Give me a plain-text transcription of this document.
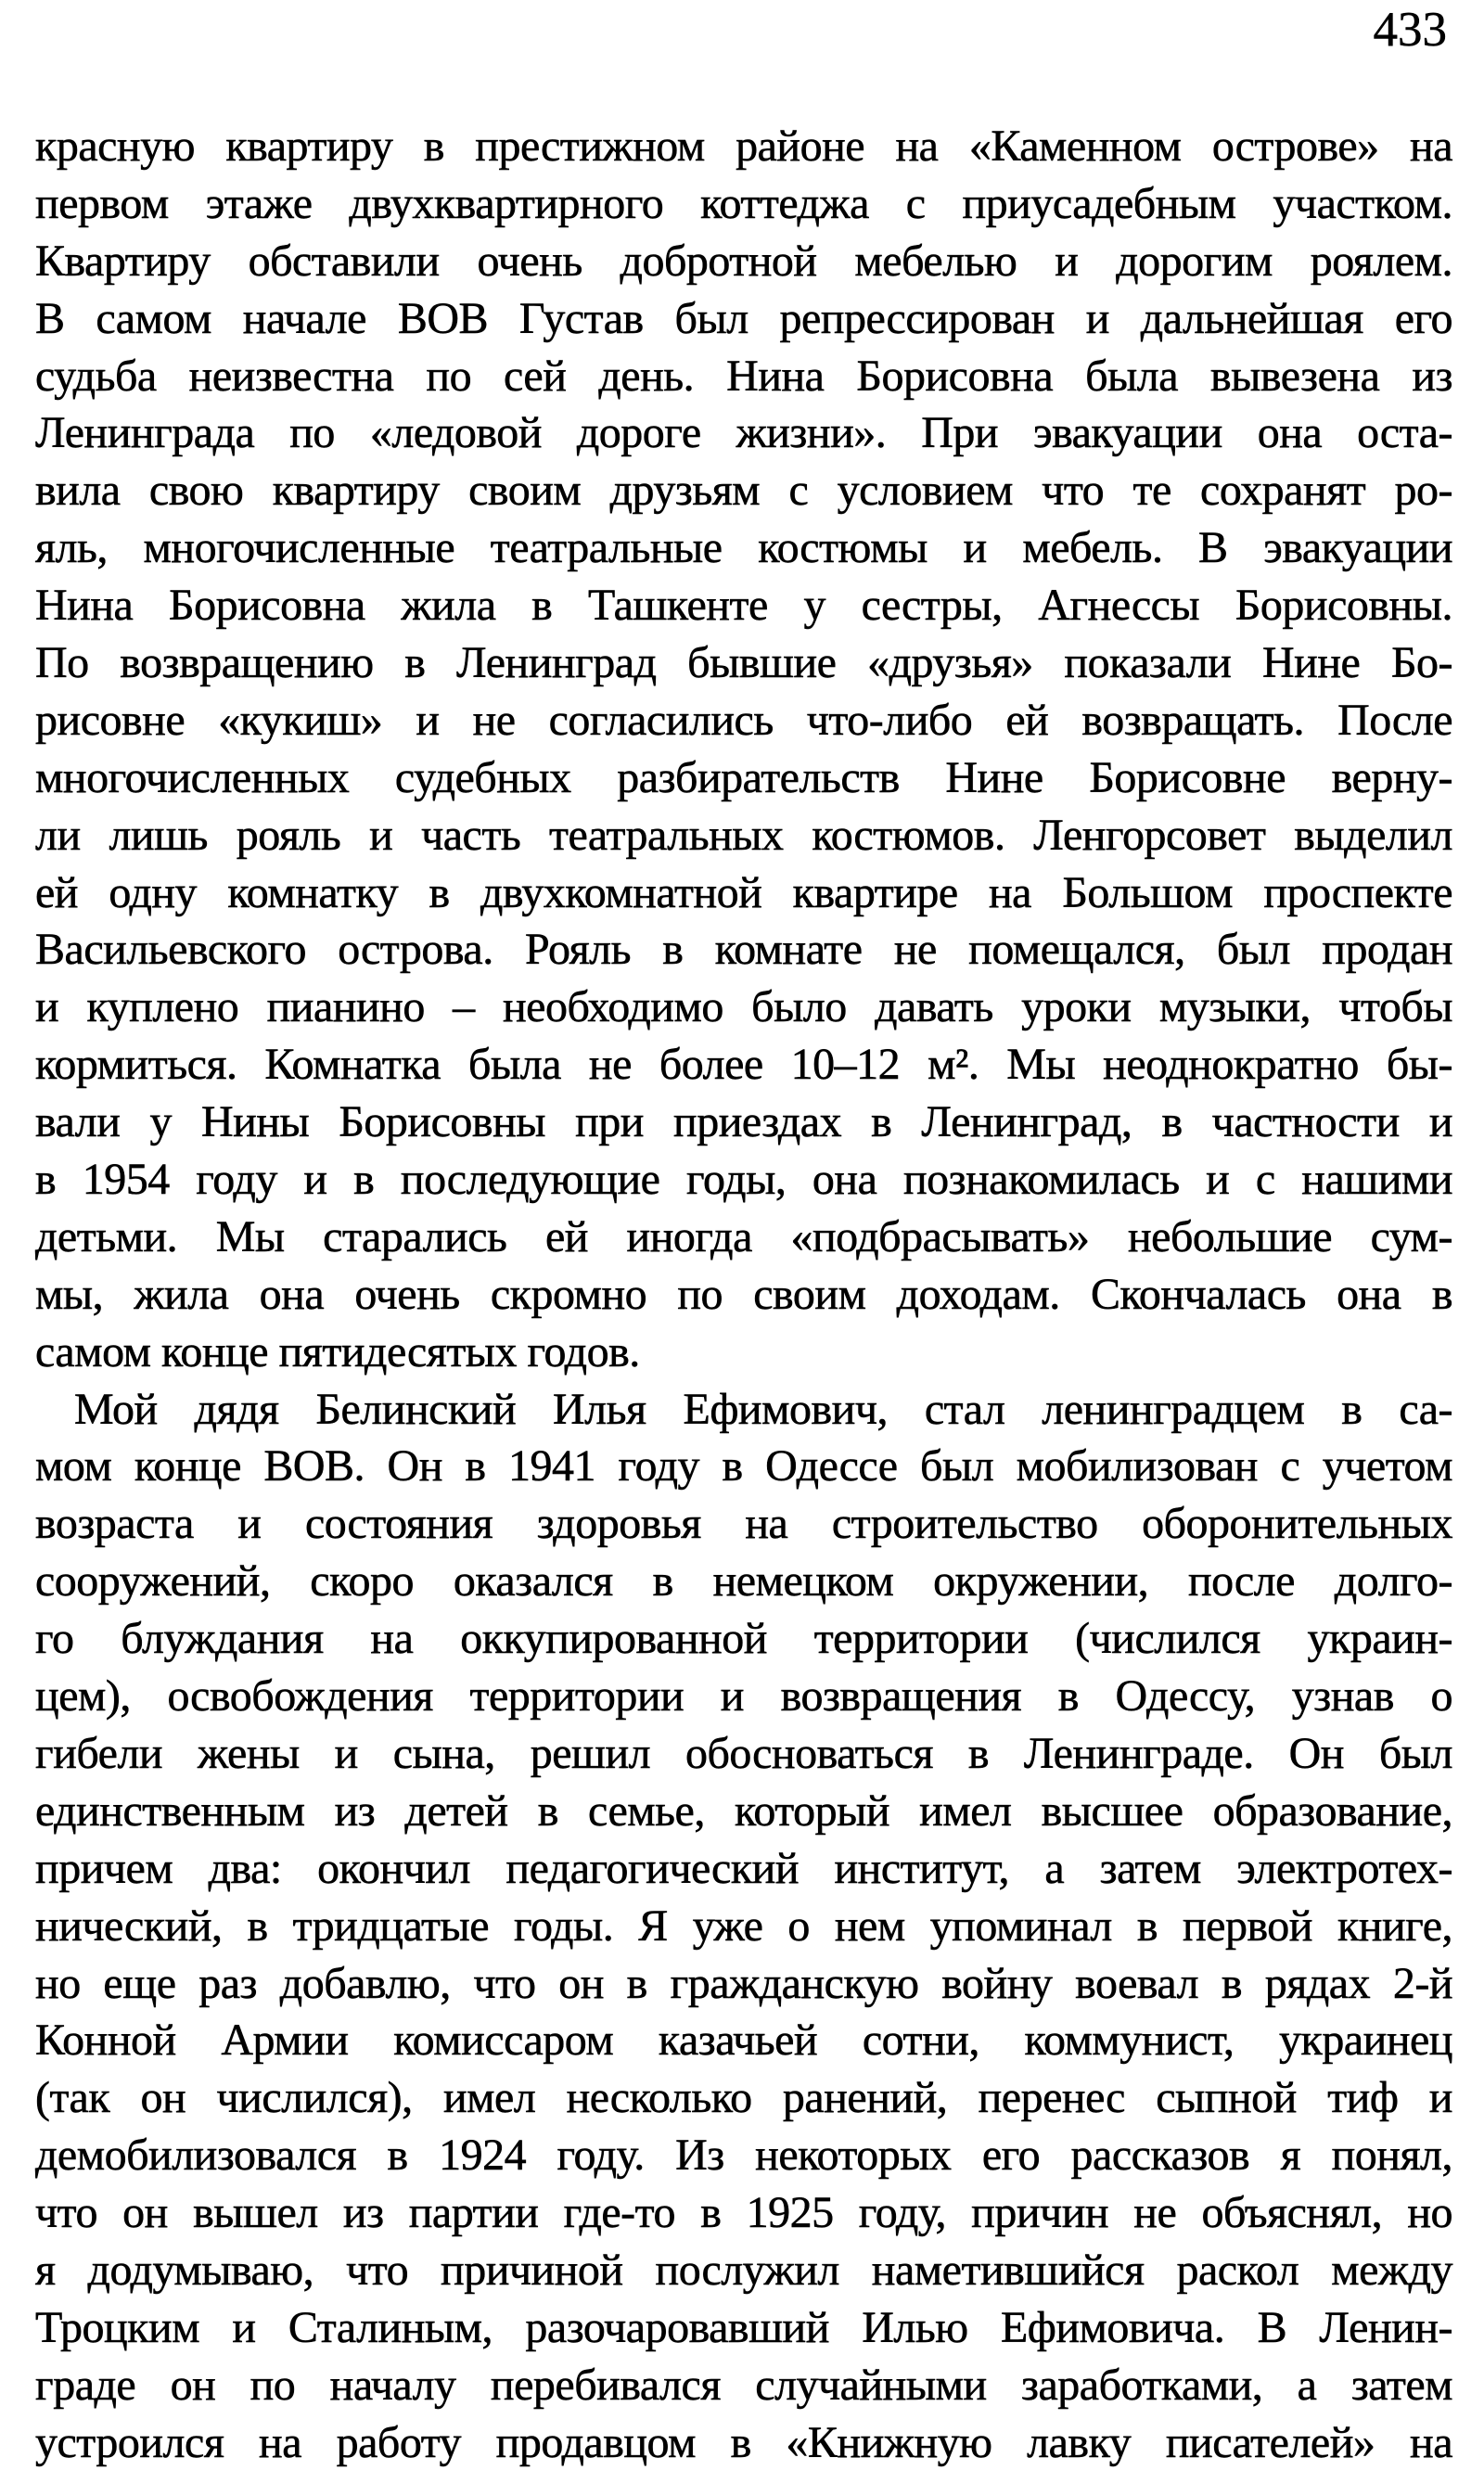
433
красную квартиру в престижном районе на «Каменном острове» на
первом этаже двухквартирного коттеджа с приусадебным участком.
Квартиру обставили очень добротной мебелью и дорогим роялем.
В самом начале ВОВ Густав был репрессирован и дальнейшая его
судьба неизвестна по сей день. Нина Борисовна была вывезена из
Ленинграда по «ледовой дороге жизни». При эвакуации она оста-
вила свою квартиру своим друзьям с условием что те сохранят ро-
яль, многочисленные театральные костюмы и мебель. В эвакуации
Нина Борисовна жила в Ташкенте у сестры, Агнессы Борисовны.
По возвращению в Ленинград бывшие «друзья» показали Нине Бо-
рисовне «кукиш» и не согласились что-либо ей возвращать. После
многочисленных судебных разбирательств Нине Борисовне верну-
ли лишь рояль и часть театральных костюмов. Ленгорсовет выделил
ей одну комнатку в двухкомнатной квартире на Большом проспекте
Васильевского острова. Рояль в комнате не помещался, был продан
и куплено пианино – необходимо было давать уроки музыки, чтобы
кормиться. Комнатка была не более 10–12 м². Мы неоднократно бы-
вали у Нины Борисовны при приездах в Ленинград, в частности и
в 1954 году и в последующие годы, она познакомилась и с нашими
детьми. Мы старались ей иногда «подбрасывать» небольшие сум-
мы, жила она очень скромно по своим доходам. Скончалась она в
самом конце пятидесятых годов.
Мой дядя Белинский Илья Ефимович, стал ленинградцем в са-
мом конце ВОВ. Он в 1941 году в Одессе был мобилизован с учетом
возраста и состояния здоровья на строительство оборонительных
сооружений, скоро оказался в немецком окружении, после долго-
го блуждания на оккупированной территории (числился украин-
цем), освобождения территории и возвращения в Одессу, узнав о
гибели жены и сына, решил обосноваться в Ленинграде. Он был
единственным из детей в семье, который имел высшее образование,
причем два: окончил педагогический институт, а затем электротех-
нический, в тридцатые годы. Я уже о нем упоминал в первой книге,
но еще раз добавлю, что он в гражданскую войну воевал в рядах 2-й
Конной Армии комиссаром казачьей сотни, коммунист, украинец
(так он числился), имел несколько ранений, перенес сыпной тиф и
демобилизовался в 1924 году. Из некоторых его рассказов я понял,
что он вышел из партии где-то в 1925 году, причин не объяснял, но
я додумываю, что причиной послужил наметившийся раскол между
Троцким и Сталиным, разочаровавший Илью Ефимовича. В Ленин-
граде он по началу перебивался случайными заработками, а затем
устроился на работу продавцом в «Книжную лавку писателей» на
